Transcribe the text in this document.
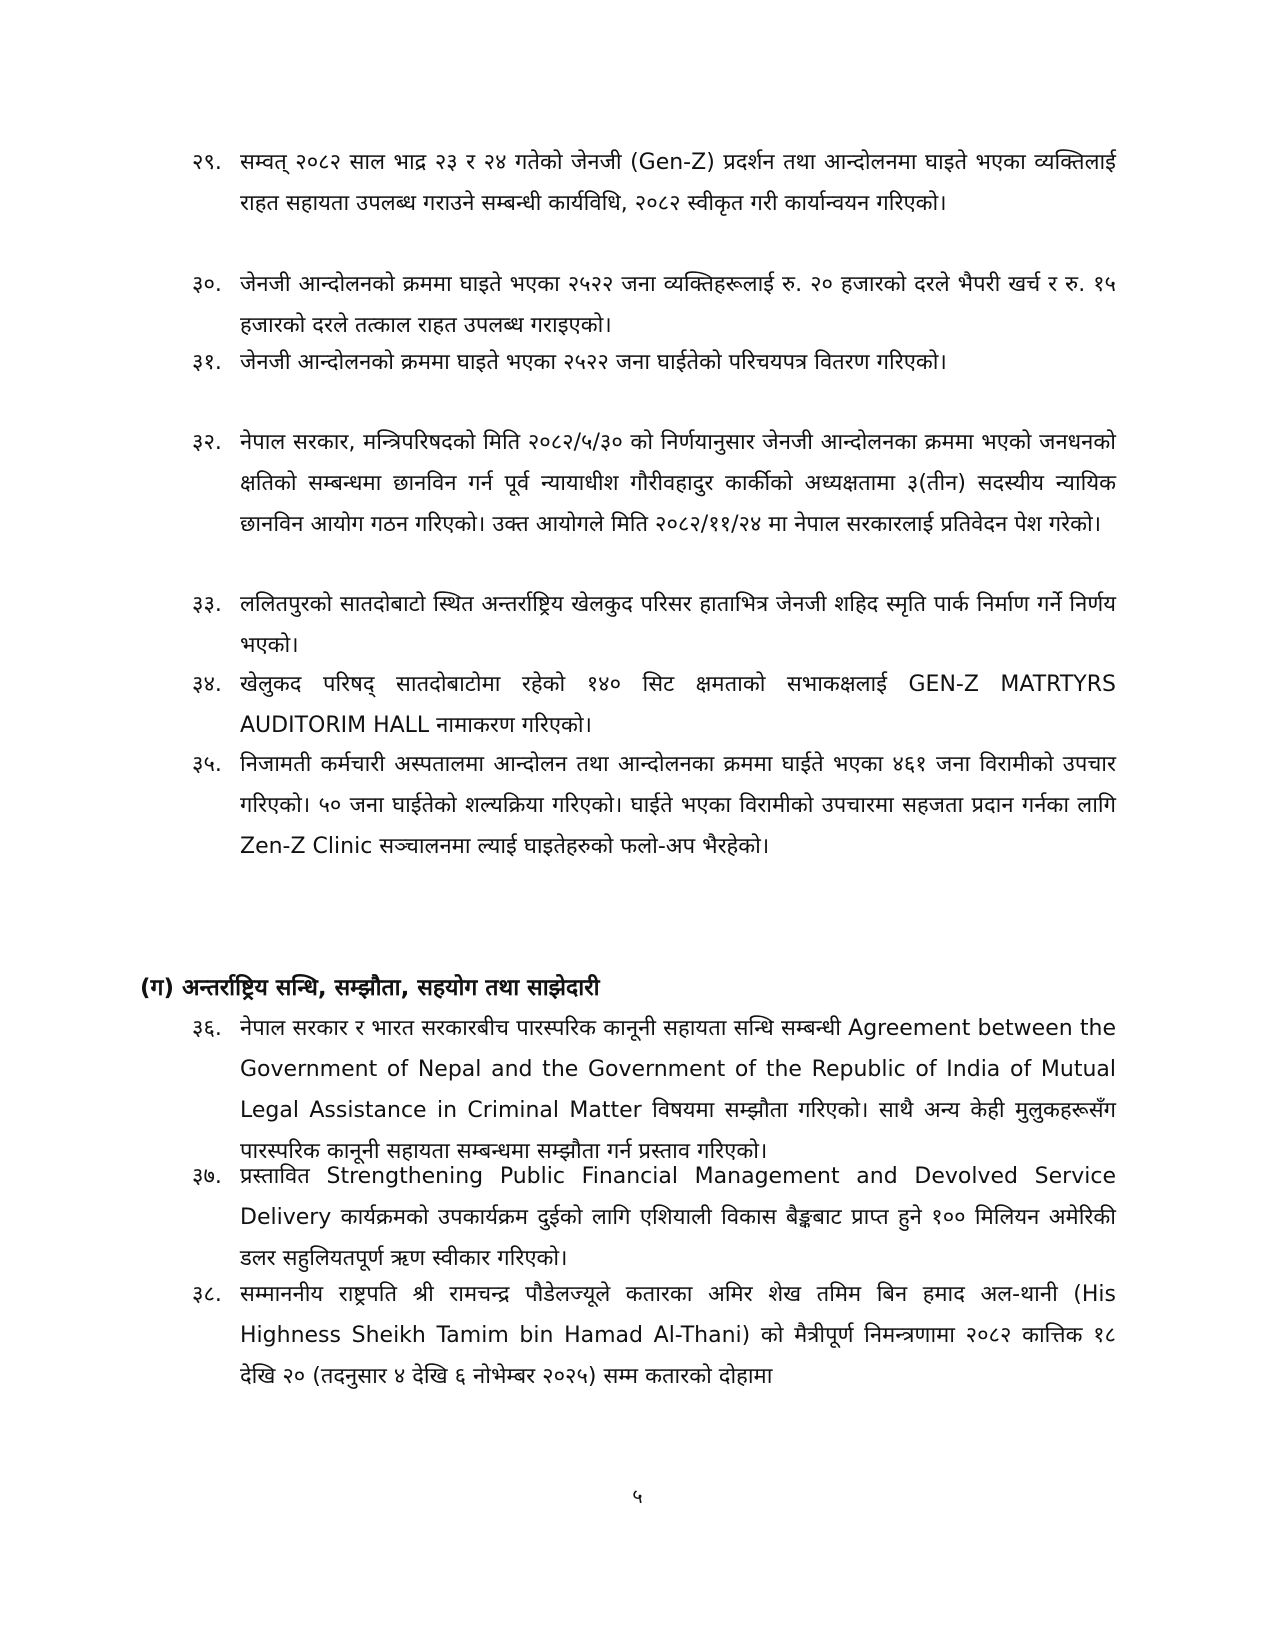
२९. सम्वत् २०८२ साल भाद्र २३ र २४ गतेको जेनजी (Gen-Z) प्रदर्शन तथा आन्दोलनमा घाइते भएका व्यक्तिलाई राहत सहायता उपलब्ध गराउने सम्बन्धी कार्यविधि, २०८२ स्वीकृत गरी कार्यान्वयन गरिएको।
३०. जेनजी आन्दोलनको क्रममा घाइते भएका २५२२ जना व्यक्तिहरूलाई रु. २० हजारको दरले भैपरी खर्च र रु. १५ हजारको दरले तत्काल राहत उपलब्ध गराइएको।
३१. जेनजी आन्दोलनको क्रममा घाइते भएका २५२२ जना घाईतेको परिचयपत्र वितरण गरिएको।
३२. नेपाल सरकार, मन्त्रिपरिषदको मिति २०८२/५/३० को निर्णयानुसार जेनजी आन्दोलनका क्रममा भएको जनधनको क्षतिको सम्बन्धमा छानविन गर्न पूर्व न्यायाधीश गौरीवहादुर कार्कीको अध्यक्षतामा ३(तीन) सदस्यीय न्यायिक छानविन आयोग गठन गरिएको। उक्त आयोगले मिति २०८२/११/२४ मा नेपाल सरकारलाई प्रतिवेदन पेश गरेको।
३३. ललितपुरको सातदोबाटो स्थित अन्तर्राष्ट्रिय खेलकुद परिसर हाताभित्र जेनजी शहिद स्मृति पार्क निर्माण गर्ने निर्णय भएको।
३४. खेलुकद परिषद् सातदोबाटोमा रहेको १४० सिट क्षमताको सभाकक्षलाई GEN-Z MATRTYRS AUDITORIM HALL नामाकरण गरिएको।
३५. निजामती कर्मचारी अस्पतालमा आन्दोलन तथा आन्दोलनका क्रममा घाईते भएका ४६१ जना विरामीको उपचार गरिएको। ५० जना घाईतेको शल्यक्रिया गरिएको। घाईते भएका विरामीको उपचारमा सहजता प्रदान गर्नका लागि Zen-Z Clinic सञ्चालनमा ल्याई घाइतेहरुको फलो-अप भैरहेको।
(ग) अन्तर्राष्ट्रिय सन्धि, सम्झौता, सहयोग तथा साझेदारी
३६. नेपाल सरकार र भारत सरकारबीच पारस्परिक कानूनी सहायता सन्धि सम्बन्धी Agreement between the Government of Nepal and the Government of the Republic of India of Mutual Legal Assistance in Criminal Matter विषयमा सम्झौता गरिएको। साथै अन्य केही मुलुकहरूसँग पारस्परिक कानूनी सहायता सम्बन्धमा सम्झौता गर्न प्रस्ताव गरिएको।
३७. प्रस्तावित Strengthening Public Financial Management and Devolved Service Delivery कार्यक्रमको उपकार्यक्रम दुईको लागि एशियाली विकास बैङ्कबाट प्राप्त हुने १०० मिलियन अमेरिकी डलर सहुलियतपूर्ण ऋण स्वीकार गरिएको।
३८. सम्माननीय राष्ट्रपति श्री रामचन्द्र पौडेलज्यूले कतारका अमिर शेख तमिम बिन हमाद अल-थानी (His Highness Sheikh Tamim bin Hamad Al-Thani) को मैत्रीपूर्ण निमन्त्रणामा २०८२ कात्तिक १८ देखि २० (तदनुसार ४ देखि ६ नोभेम्बर २०२५) सम्म कतारको दोहामा
५
